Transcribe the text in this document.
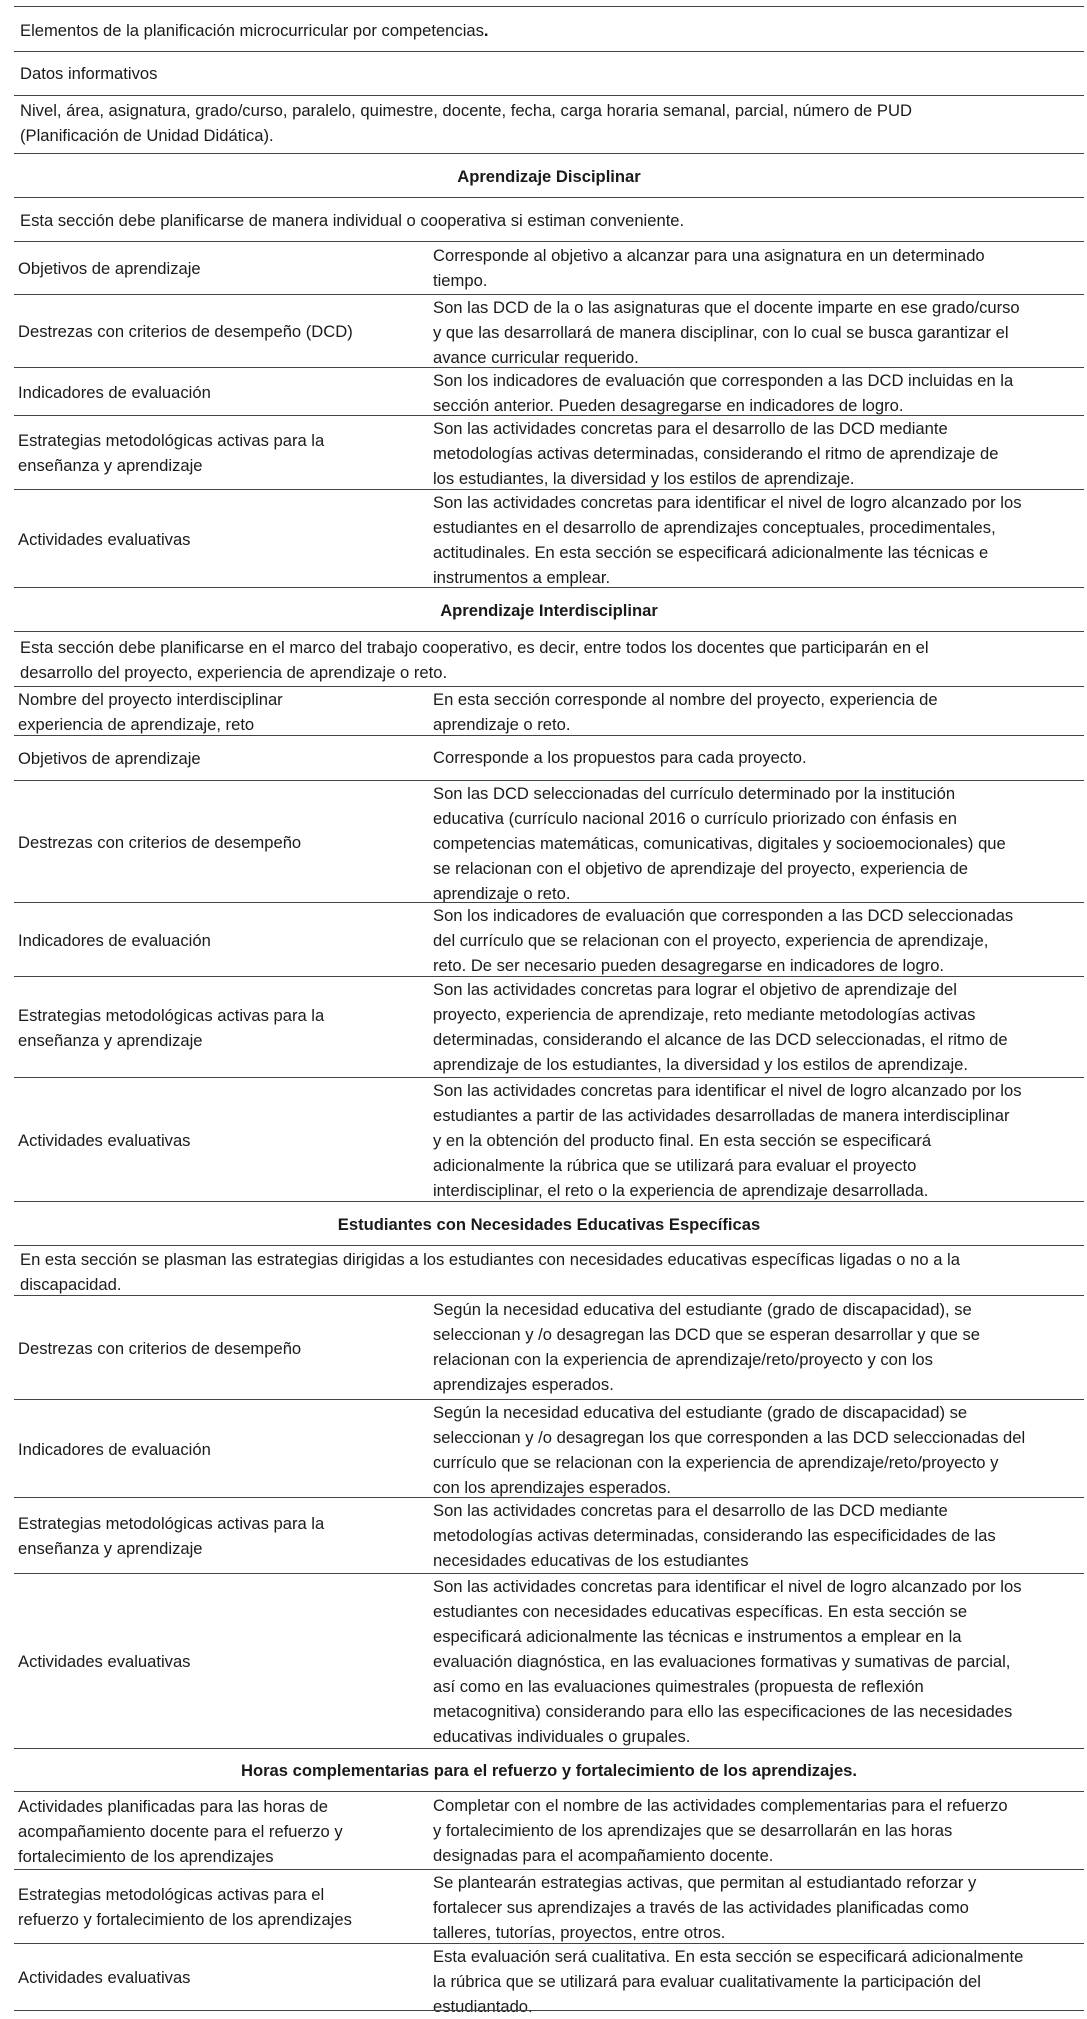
Elementos de la planificación microcurricular por competencias.
Datos informativos
Nivel, área, asignatura, grado/curso, paralelo, quimestre, docente, fecha, carga horaria semanal, parcial, número de PUD
(Planificación de Unidad Didática).
Aprendizaje Disciplinar
Esta sección debe planificarse de manera individual o cooperativa si estiman conveniente.
Objetivos de aprendizaje
Corresponde al objetivo a alcanzar para una asignatura en un determinado
tiempo.
Destrezas con criterios de desempeño (DCD)
Son las DCD de la o las asignaturas que el docente imparte en ese grado/curso
y que las desarrollará de manera disciplinar, con lo cual se busca garantizar el
avance curricular requerido.
Indicadores de evaluación
Son los indicadores de evaluación que corresponden a las DCD incluidas en la
sección anterior. Pueden desagregarse en indicadores de logro.
Estrategias metodológicas activas para la
enseñanza y aprendizaje
Son las actividades concretas para el desarrollo de las DCD mediante
metodologías activas determinadas, considerando el ritmo de aprendizaje de
los estudiantes, la diversidad y los estilos de aprendizaje.
Actividades evaluativas
Son las actividades concretas para identificar el nivel de logro alcanzado por los
estudiantes en el desarrollo de aprendizajes conceptuales, procedimentales,
actitudinales. En esta sección se especificará adicionalmente las técnicas e
instrumentos a emplear.
Aprendizaje Interdisciplinar
Esta sección debe planificarse en el marco del trabajo cooperativo, es decir, entre todos los docentes que participarán en el
desarrollo del proyecto, experiencia de aprendizaje o reto.
Nombre del proyecto interdisciplinar
experiencia de aprendizaje, reto
En esta sección corresponde al nombre del proyecto, experiencia de
aprendizaje o reto.
Objetivos de aprendizaje	Corresponde a los propuestos para cada proyecto.
Destrezas con criterios de desempeño
Son las DCD seleccionadas del currículo determinado por la institución
educativa (currículo nacional 2016 o currículo priorizado con énfasis en
competencias matemáticas, comunicativas, digitales y socioemocionales) que
se relacionan con el objetivo de aprendizaje del proyecto, experiencia de
aprendizaje o reto.
Indicadores de evaluación
Son los indicadores de evaluación que corresponden a las DCD seleccionadas
del currículo que se relacionan con el proyecto, experiencia de aprendizaje,
reto. De ser necesario pueden desagregarse en indicadores de logro.
Estrategias metodológicas activas para la
enseñanza y aprendizaje
Son las actividades concretas para lograr el objetivo de aprendizaje del
proyecto, experiencia de aprendizaje, reto mediante metodologías activas
determinadas, considerando el alcance de las DCD seleccionadas, el ritmo de
aprendizaje de los estudiantes, la diversidad y los estilos de aprendizaje.
Actividades evaluativas
Son las actividades concretas para identificar el nivel de logro alcanzado por los
estudiantes a partir de las actividades desarrolladas de manera interdisciplinar
y en la obtención del producto final. En esta sección se especificará
adicionalmente la rúbrica que se utilizará para evaluar el proyecto
interdisciplinar, el reto o la experiencia de aprendizaje desarrollada.
Estudiantes con Necesidades Educativas Específicas
En esta sección se plasman las estrategias dirigidas a los estudiantes con necesidades educativas específicas ligadas o no a la
discapacidad.
Destrezas con criterios de desempeño
Según la necesidad educativa del estudiante (grado de discapacidad), se
seleccionan y /o desagregan las DCD que se esperan desarrollar y que se
relacionan con la experiencia de aprendizaje/reto/proyecto y con los
aprendizajes esperados.
Indicadores de evaluación
Según la necesidad educativa del estudiante (grado de discapacidad) se
seleccionan y /o desagregan los que corresponden a las DCD seleccionadas del
currículo que se relacionan con la experiencia de aprendizaje/reto/proyecto y
con los aprendizajes esperados.
Estrategias metodológicas activas para la
enseñanza y aprendizaje
Son las actividades concretas para el desarrollo de las DCD mediante
metodologías activas determinadas, considerando las especificidades de las
necesidades educativas de los estudiantes
Actividades evaluativas
Son las actividades concretas para identificar el nivel de logro alcanzado por los
estudiantes con necesidades educativas específicas. En esta sección se
especificará adicionalmente las técnicas e instrumentos a emplear en la
evaluación diagnóstica, en las evaluaciones formativas y sumativas de parcial,
así como en las evaluaciones quimestrales (propuesta de reflexión
metacognitiva) considerando para ello las especificaciones de las necesidades
educativas individuales o grupales.
Horas complementarias para el refuerzo y fortalecimiento de los aprendizajes.
Actividades planificadas para las horas de
acompañamiento docente para el refuerzo y
fortalecimiento de los aprendizajes
Completar con el nombre de las actividades complementarias para el refuerzo
y fortalecimiento de los aprendizajes que se desarrollarán en las horas
designadas para el acompañamiento docente.
Estrategias metodológicas activas para el
refuerzo y fortalecimiento de los aprendizajes
Se plantearán estrategias activas, que permitan al estudiantado reforzar y
fortalecer sus aprendizajes a través de las actividades planificadas como
talleres, tutorías, proyectos, entre otros.
Actividades evaluativas
Esta evaluación será cualitativa. En esta sección se especificará adicionalmente
la rúbrica que se utilizará para evaluar cualitativamente la participación del
estudiantado.
